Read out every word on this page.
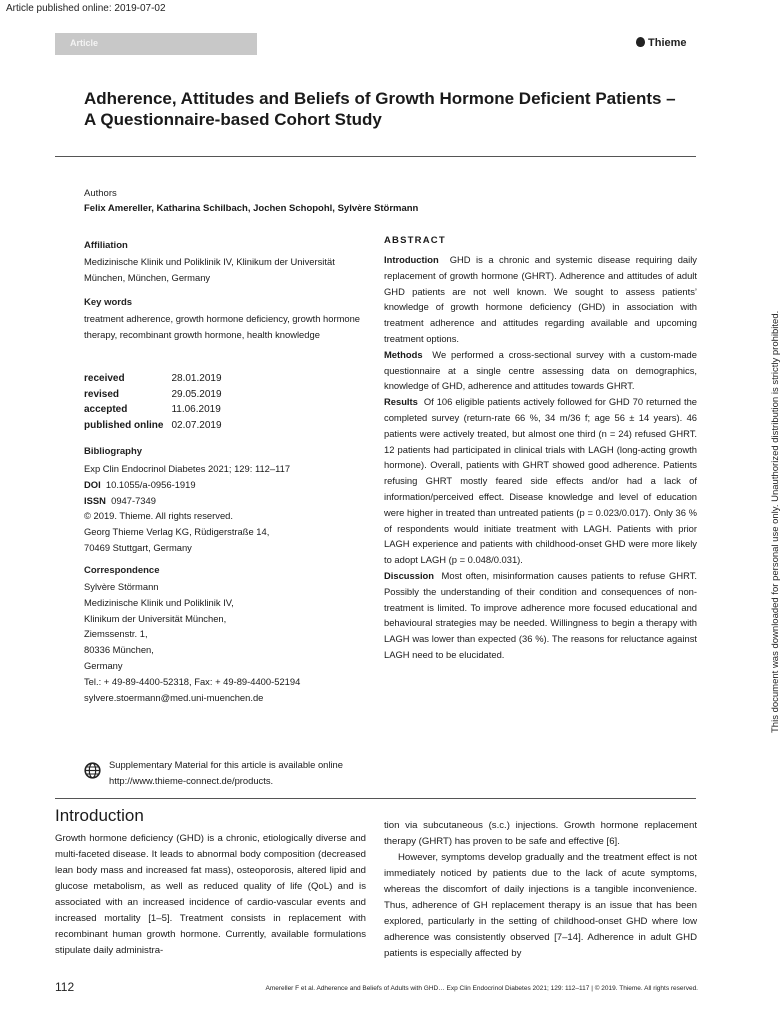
Article published online: 2019-07-02
Article	Thieme
Adherence, Attitudes and Beliefs of Growth Hormone Deficient Patients – A Questionnaire-based Cohort Study
Authors
Felix Amereller, Katharina Schilbach, Jochen Schopohl, Sylvère Störmann
Affiliation
Medizinische Klinik und Poliklinik IV, Klinikum der Universität München, München, Germany
Key words
treatment adherence, growth hormone deficiency, growth hormone therapy, recombinant growth hormone, health knowledge
received	28.01.2019
revised	29.05.2019
accepted	11.06.2019
published online	02.07.2019
Bibliography
Exp Clin Endocrinol Diabetes 2021; 129: 112–117
DOI 10.1055/a-0956-1919
ISSN 0947-7349
© 2019. Thieme. All rights reserved.
Georg Thieme Verlag KG, Rüdigerstraße 14,
70469 Stuttgart, Germany
Correspondence
Sylvère Störmann
Medizinische Klinik und Poliklinik IV,
Klinikum der Universität München,
Ziemssenstr. 1,
80336 München,
Germany
Tel.: + 49-89-4400-52318, Fax: + 49-89-4400-52194
sylvere.stoermann@med.uni-muenchen.de
Supplementary Material for this article is available online http://www.thieme-connect.de/products.
ABSTRACT

Introduction GHD is a chronic and systemic disease requiring daily replacement of growth hormone (GHRT). Adherence and attitudes of adult GHD patients are not well known. We sought to assess patients’ knowledge of growth hormone deficiency (GHD) in association with treatment adherence and attitudes regarding available and upcoming treatment options.

Methods We performed a cross-sectional survey with a custom-made questionnaire at a single centre assessing data on demographics, knowledge of GHD, adherence and attitudes towards GHRT.

Results Of 106 eligible patients actively followed for GHD 70 returned the completed survey (return-rate 66 %, 34 m/36 f; age 56 ± 14 years). 46 patients were actively treated, but almost one third (n = 24) refused GHRT. 12 patients had participated in clinical trials with LAGH (long-acting growth hormone). Overall, patients with GHRT showed good adherence. Patients refusing GHRT mostly feared side effects and/or had a lack of information/perceived effect. Disease knowledge and level of education were higher in treated than untreated patients (p = 0.023/0.017). Only 36 % of respondents would initiate treatment with LAGH. Patients with prior LAGH experience and patients with childhood-onset GHD were more likely to adopt LAGH (p = 0.048/0.031).

Discussion Most often, misinformation causes patients to refuse GHRT. Possibly the understanding of their condition and consequences of non-treatment is limited. To improve adherence more focused educational and behavioural strategies may be needed. Willingness to begin a therapy with LAGH was lower than expected (36 %). The reasons for reluctance against LAGH need to be elucidated.	This document was downloaded for personal use only. Unauthorized distribution is strictly prohibited.
Introduction

Growth hormone deficiency (GHD) is a chronic, etiologically diverse and multi-faceted disease. It leads to abnormal body composition (decreased lean body mass and increased fat mass), osteoporosis, altered lipid and glucose metabolism, as well as reduced quality of life (QoL) and is associated with an increased incidence of cardio-vascular events and increased mortality [1–5]. Treatment consists in replacement with recombinant human growth hormone. Currently, available formulations stipulate daily administra-

tion via subcutaneous (s.c.) injections. Growth hormone replacement therapy (GHRT) has proven to be safe and effective [6].

However, symptoms develop gradually and the treatment effect is not immediately noticed by patients due to the lack of acute symptoms, whereas the discomfort of daily injections is a tangible inconvenience. Thus, adherence of GH replacement therapy is an issue that has been explored, particularly in the setting of childhood-onset GHD where low adherence was consistently observed [7–14]. Adherence in adult GHD patients is especially affected by

112	Amereller F et al. Adherence and Beliefs of Adults with GHD… Exp Clin Endocrinol Diabetes 2021; 129: 112–117 | © 2019. Thieme. All rights reserved.
